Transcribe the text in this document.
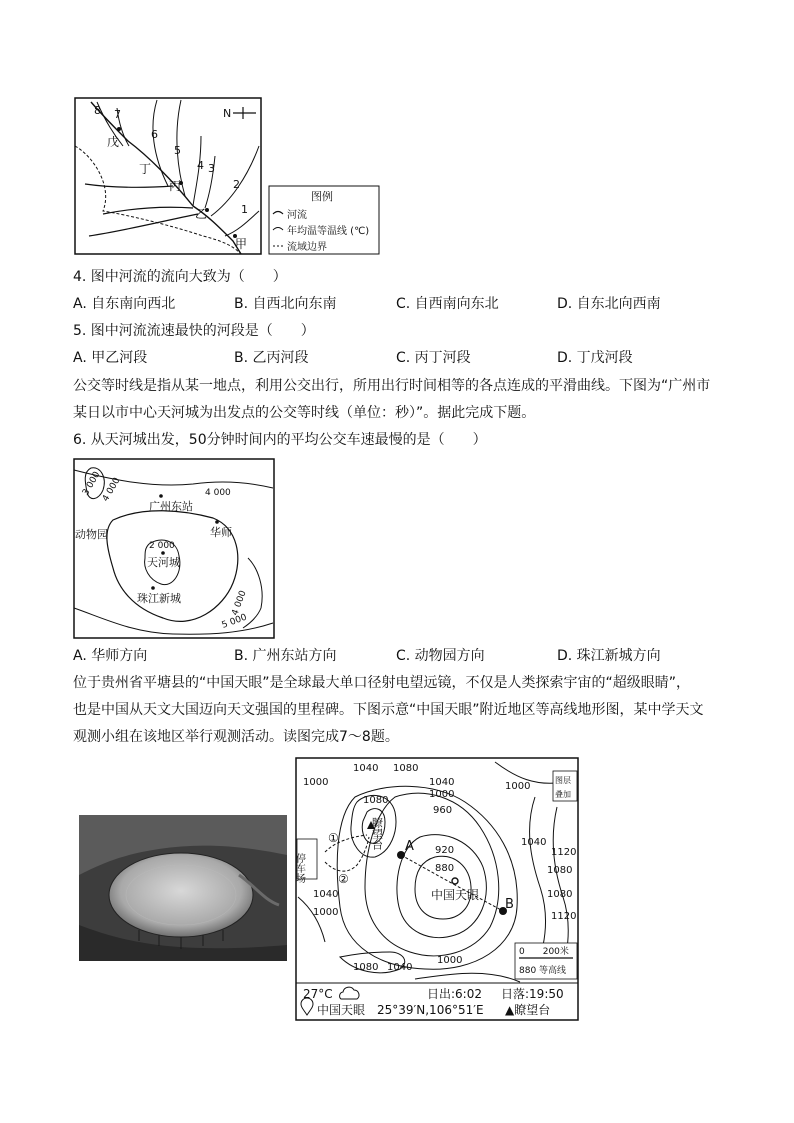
N
8 7
6
5
4 3
2
1
戊
丁
丙
乙
甲
图例
河流
年均温等温线 (℃)
流域边界
4. 图中河流的流向大致为（　　）
A. 自东南向西北	B. 自西北向东南	C. 自西南向东北	D. 自东北向西南
5. 图中河流流速最快的河段是（　　）
A. 甲乙河段	B. 乙丙河段	C. 丙丁河段	D. 丁戊河段
公交等时线是指从某一地点，利用公交出行，所用出行时间相等的各点连成的平滑曲线。下图为“广州市
某日以市中心天河城为出发点的公交等时线（单位：秒）”。据此完成下题。
6. 从天河城出发，50分钟时间内的平均公交车速最慢的是（　　）
3 000
4 000	4 000
2 000
4 000
5 000
广州东站
华师
动物园
天河城
珠江新城
A. 华师方向	B. 广州东站方向	C. 动物园方向	D. 珠江新城方向
位于贵州省平塘县的“中国天眼”是全球最大单口径射电望远镜，不仅是人类探索宇宙的“超级眼睛”，
也是中国从天文大国迈向天文强国的里程碑。下图示意“中国天眼”附近地区等高线地形图，某中学天文
观测小组在该地区举行观测活动。读图完成7～8题。
停车场
①
②
瞭望台 A
B
中国天眼
1000
1040 1080
1040
1000
1080
960
920
880
1040
1000
1120
1080
1080
1120
1040
1000
1080 1040
1000
图层
叠加
0　　200米
880 等高线
27°C	日出:6:02 日落:19:50
中国天眼　25°39′N,106°51′E ▲瞭望台
